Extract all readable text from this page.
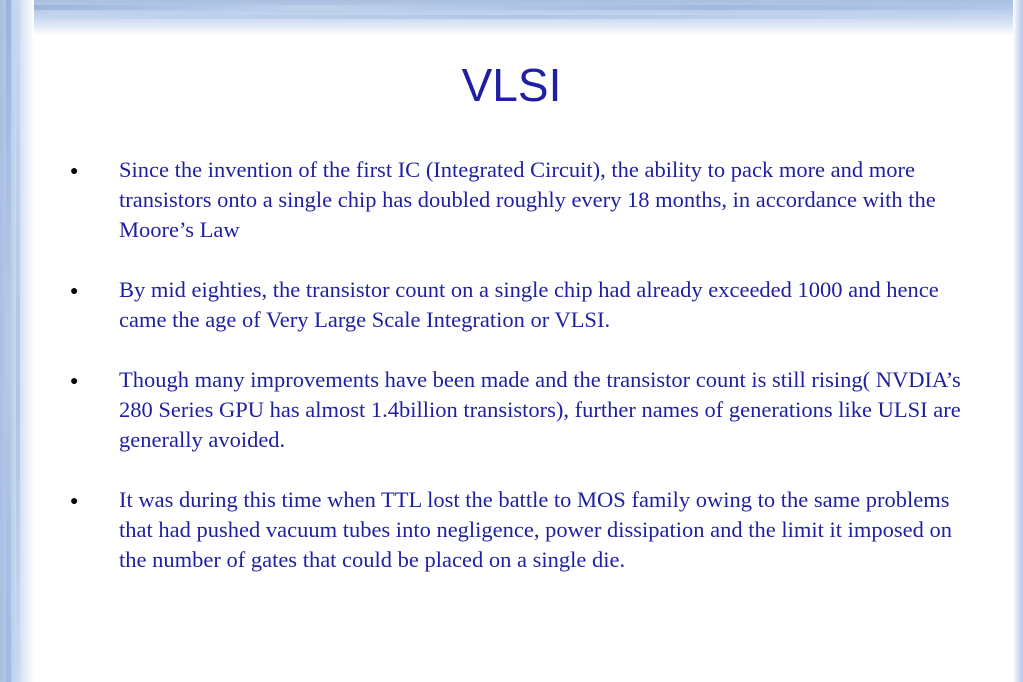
VLSI
● Since the invention of the first IC (Integrated Circuit), the ability to pack more and more transistors onto a single chip has doubled roughly every 18 months, in accordance with the Moore’s Law
● By mid eighties, the transistor count on a single chip had already exceeded 1000 and hence came the age of Very Large Scale Integration or VLSI.
● Though many improvements have been made and the transistor count is still rising( NVDIA’s 280 Series GPU has almost 1.4billion transistors), further names of generations like ULSI are generally avoided.
● It was during this time when TTL lost the battle to MOS family owing to the same problems that had pushed vacuum tubes into negligence, power dissipation and the limit it imposed on the number of gates that could be placed on a single die.
